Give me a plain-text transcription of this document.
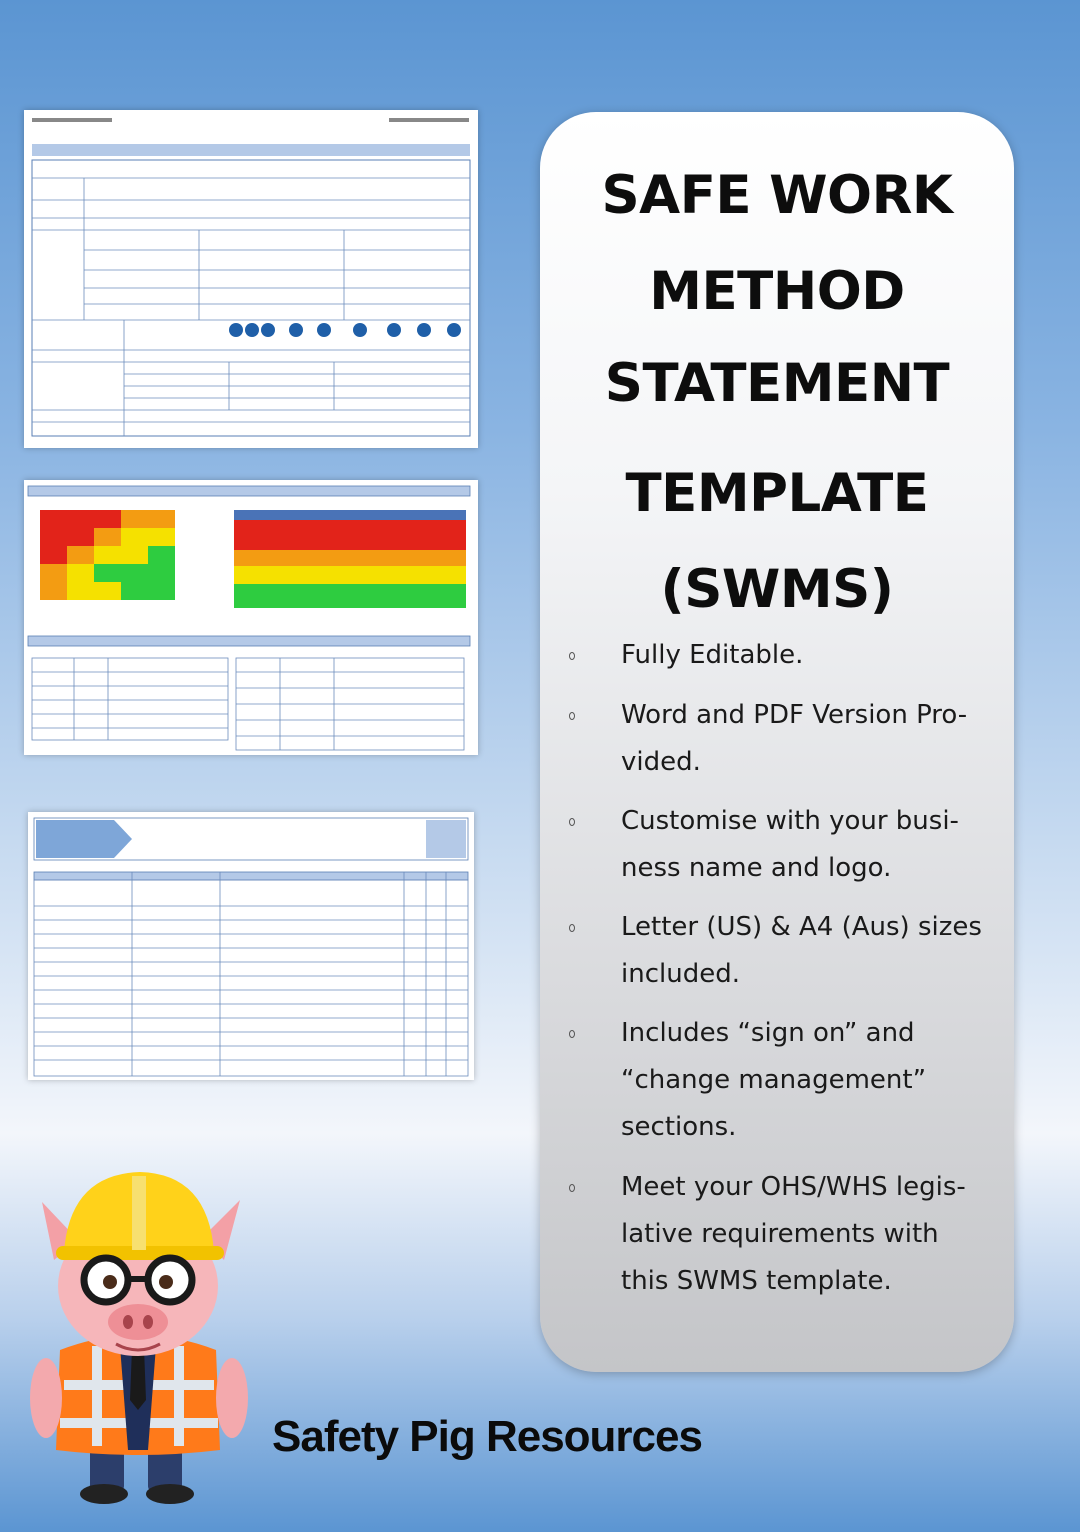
SAFE WORK
METHOD
STATEMENT
TEMPLATE
(SWMS)
Fully Editable.
Word and PDF Version Pro-
vided.
Customise with your busi-
ness name and logo.
Letter (US) & A4 (Aus) sizes
included.
Includes “sign on” and
“change management”
sections.
Meet your OHS/WHS legis-
lative requirements with
this SWMS template.
Safety Pig Resources
